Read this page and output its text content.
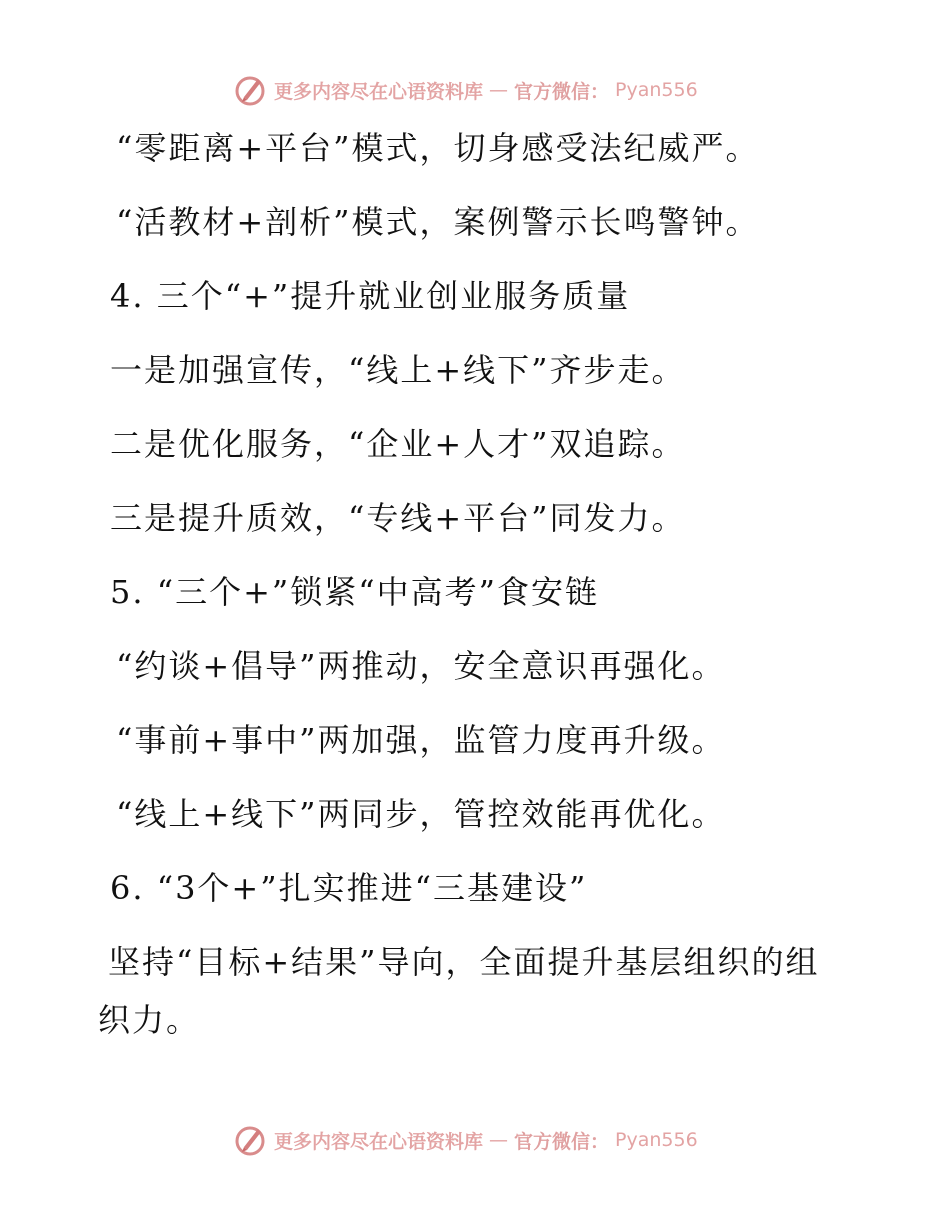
更多内容尽在心语资料库 — 官方微信： Pyan556
“零距离+平台”模式，切身感受法纪威严。
“活教材+剖析”模式，案例警示长鸣警钟。
4. 三个“+”提升就业创业服务质量
一是加强宣传，“线上+线下”齐步走。
二是优化服务，“企业+人才”双追踪。
三是提升质效，“专线+平台”同发力。
5. “三个+”锁紧“中高考”食安链
“约谈+倡导”两推动，安全意识再强化。
“事前+事中”两加强，监管力度再升级。
“线上+线下”两同步，管控效能再优化。
6. “3个+”扎实推进“三基建设”
坚持“目标+结果”导向，全面提升基层组织的组
织力。
更多内容尽在心语资料库 — 官方微信： Pyan556
